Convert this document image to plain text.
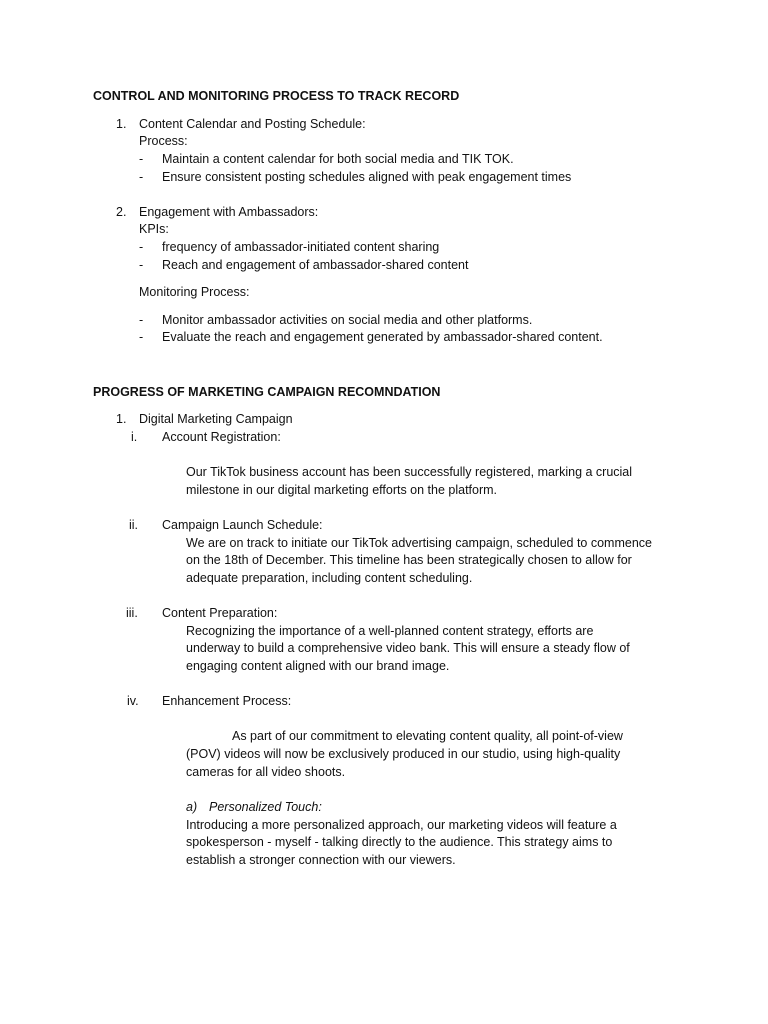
CONTROL AND MONITORING PROCESS TO TRACK RECORD
1. Content Calendar and Posting Schedule:
Process:
- Maintain a content calendar for both social media and TIK TOK.
- Ensure consistent posting schedules aligned with peak engagement times
2. Engagement with Ambassadors:
KPIs:
- frequency of ambassador-initiated content sharing
- Reach and engagement of ambassador-shared content
Monitoring Process:
- Monitor ambassador activities on social media and other platforms.
- Evaluate the reach and engagement generated by ambassador-shared content.
PROGRESS OF MARKETING CAMPAIGN RECOMNDATION
1. Digital Marketing Campaign
i. Account Registration:
Our TikTok business account has been successfully registered, marking a crucial
milestone in our digital marketing efforts on the platform.
ii. Campaign Launch Schedule:
We are on track to initiate our TikTok advertising campaign, scheduled to commence
on the 18th of December. This timeline has been strategically chosen to allow for
adequate preparation, including content scheduling.
iii. Content Preparation:
Recognizing the importance of a well-planned content strategy, efforts are
underway to build a comprehensive video bank. This will ensure a steady flow of
engaging content aligned with our brand image.
iv. Enhancement Process:
As part of our commitment to elevating content quality, all point-of-view
(POV) videos will now be exclusively produced in our studio, using high-quality
cameras for all video shoots.
a) Personalized Touch:
Introducing a more personalized approach, our marketing videos will feature a
spokesperson - myself - talking directly to the audience. This strategy aims to
establish a stronger connection with our viewers.
